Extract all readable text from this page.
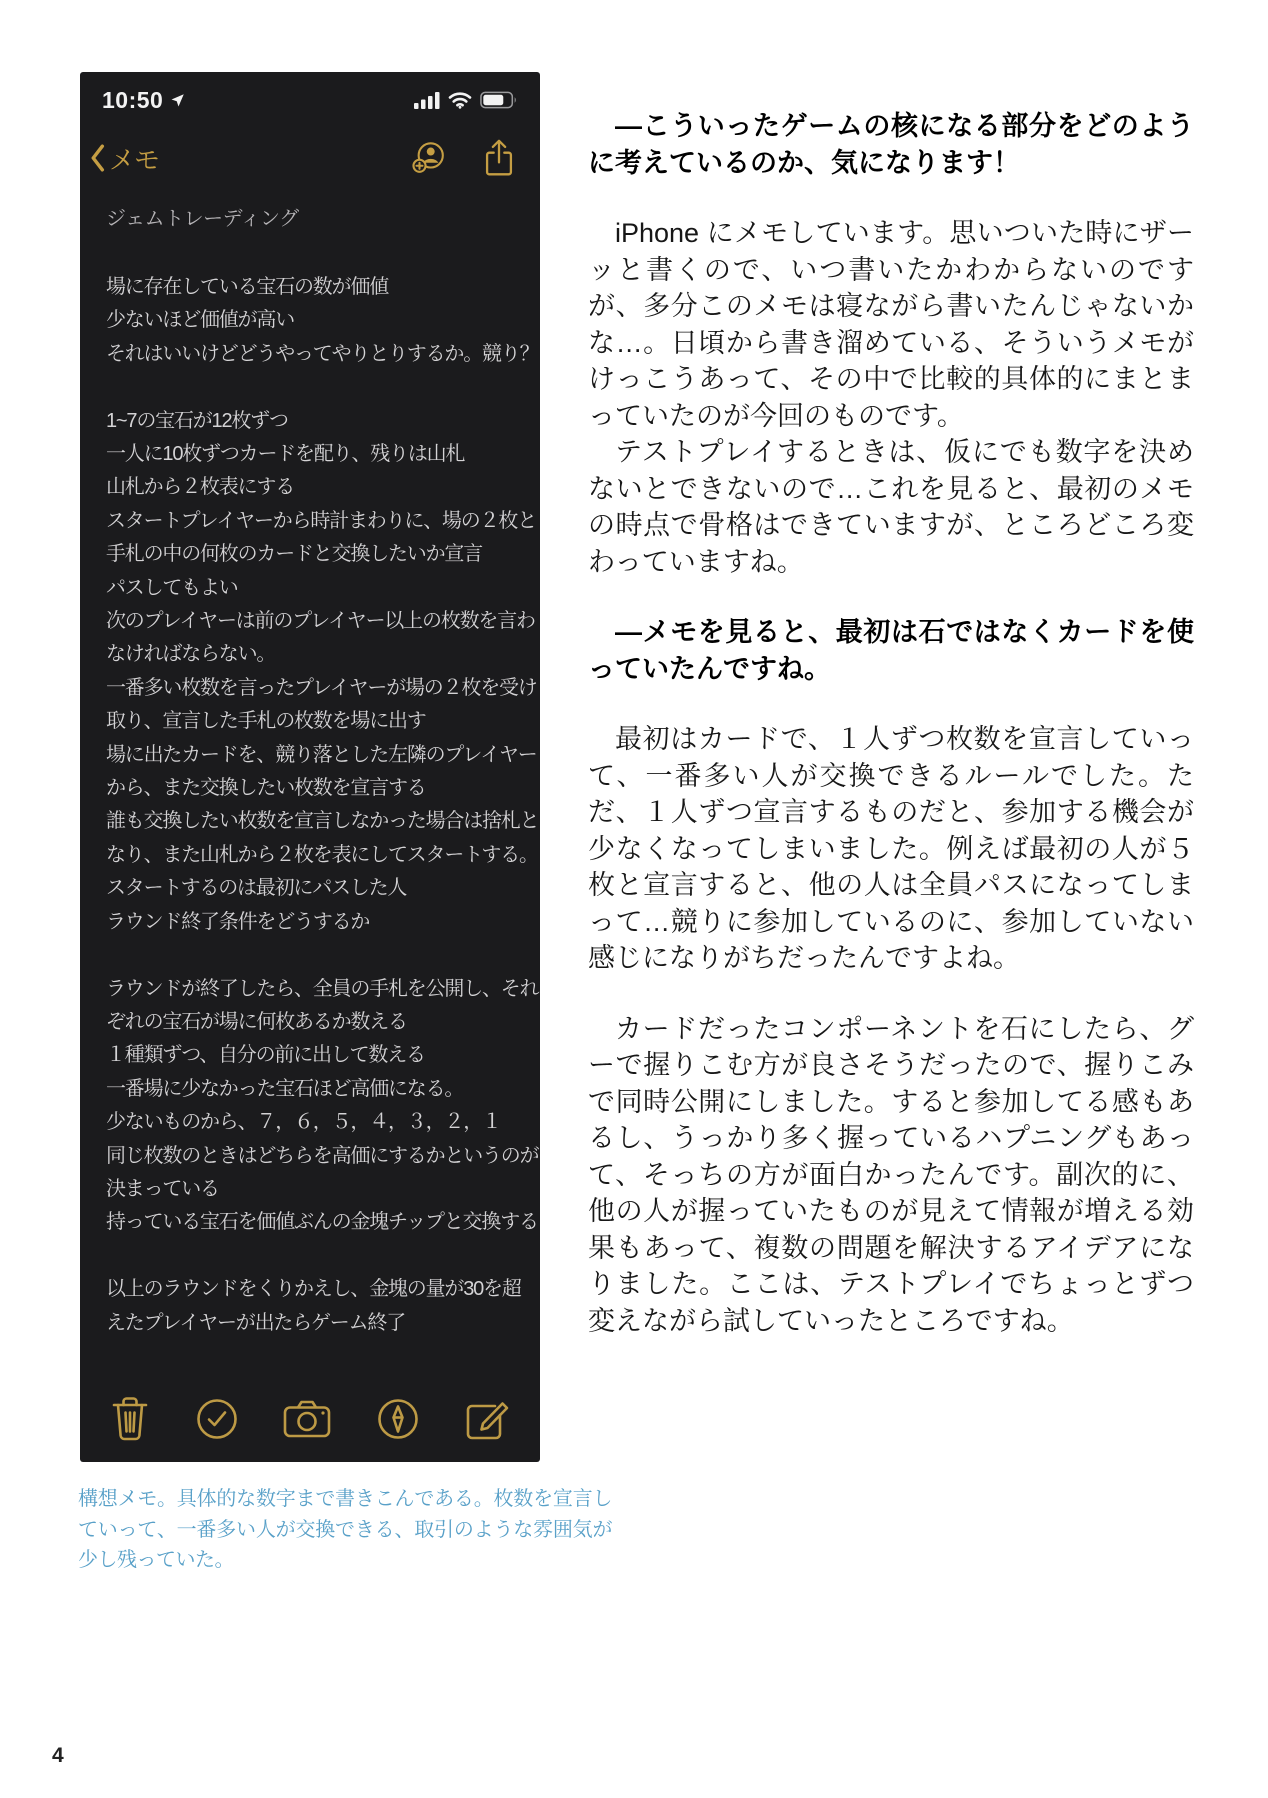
10:50
メモ
ジェムトレーディング

場に存在している宝石の数が価値

少ないほど価値が高い

それはいいけどどうやってやりとりするか。競り？

1~7の宝石が12枚ずつ

一人に10枚ずつカードを配り、残りは山札

山札から２枚表にする

スタートプレイヤーから時計まわりに、場の２枚と

手札の中の何枚のカードと交換したいか宣言

パスしてもよい

次のプレイヤーは前のプレイヤー以上の枚数を言わ

なければならない。

一番多い枚数を言ったプレイヤーが場の２枚を受け

取り、宣言した手札の枚数を場に出す

場に出たカードを、競り落とした左隣のプレイヤー

から、また交換したい枚数を宣言する

誰も交換したい枚数を宣言しなかった場合は捨札と

なり、また山札から２枚を表にしてスタートする。

スタートするのは最初にパスした人

ラウンド終了条件をどうするか

ラウンドが終了したら、全員の手札を公開し、それ

ぞれの宝石が場に何枚あるか数える

１種類ずつ、自分の前に出して数える

一番場に少なかった宝石ほど高価になる。

少ないものから、７，６，５，４，３，２，１

同じ枚数のときはどちらを高価にするかというのが

決まっている

持っている宝石を価値ぶんの金塊チップと交換する

以上のラウンドをくりかえし、金塊の量が30を超

えたプレイヤーが出たらゲーム終了

構想メモ。具体的な数字まで書きこんである。枚数を宣言していって、一番多い人が交換できる、取引のような雰囲気が少し残っていた。

―こういったゲームの核になる部分をどのように考えているのか、気になります！

iPhone にメモしています。思いついた時にザーッと書くので、いつ書いたかわからないのですが、多分このメモは寝ながら書いたんじゃないかな…。日頃から書き溜めている、そういうメモがけっこうあって、その中で比較的具体的にまとまっていたのが今回のものです。

テストプレイするときは、仮にでも数字を決めないとできないので…これを見ると、最初のメモの時点で骨格はできていますが、ところどころ変わっていますね。

―メモを見ると、最初は石ではなくカードを使っていたんですね。

最初はカードで、１人ずつ枚数を宣言していって、一番多い人が交換できるルールでした。ただ、１人ずつ宣言するものだと、参加する機会が少なくなってしまいました。例えば最初の人が５枚と宣言すると、他の人は全員パスになってしまって…競りに参加しているのに、参加していない感じになりがちだったんですよね。

カードだったコンポーネントを石にしたら、グーで握りこむ方が良さそうだったので、握りこみで同時公開にしました。すると参加してる感もあるし、うっかり多く握っているハプニングもあって、そっちの方が面白かったんです。副次的に、他の人が握っていたものが見えて情報が増える効果もあって、複数の問題を解決するアイデアになりました。ここは、テストプレイでちょっとずつ変えながら試していったところですね。

4
